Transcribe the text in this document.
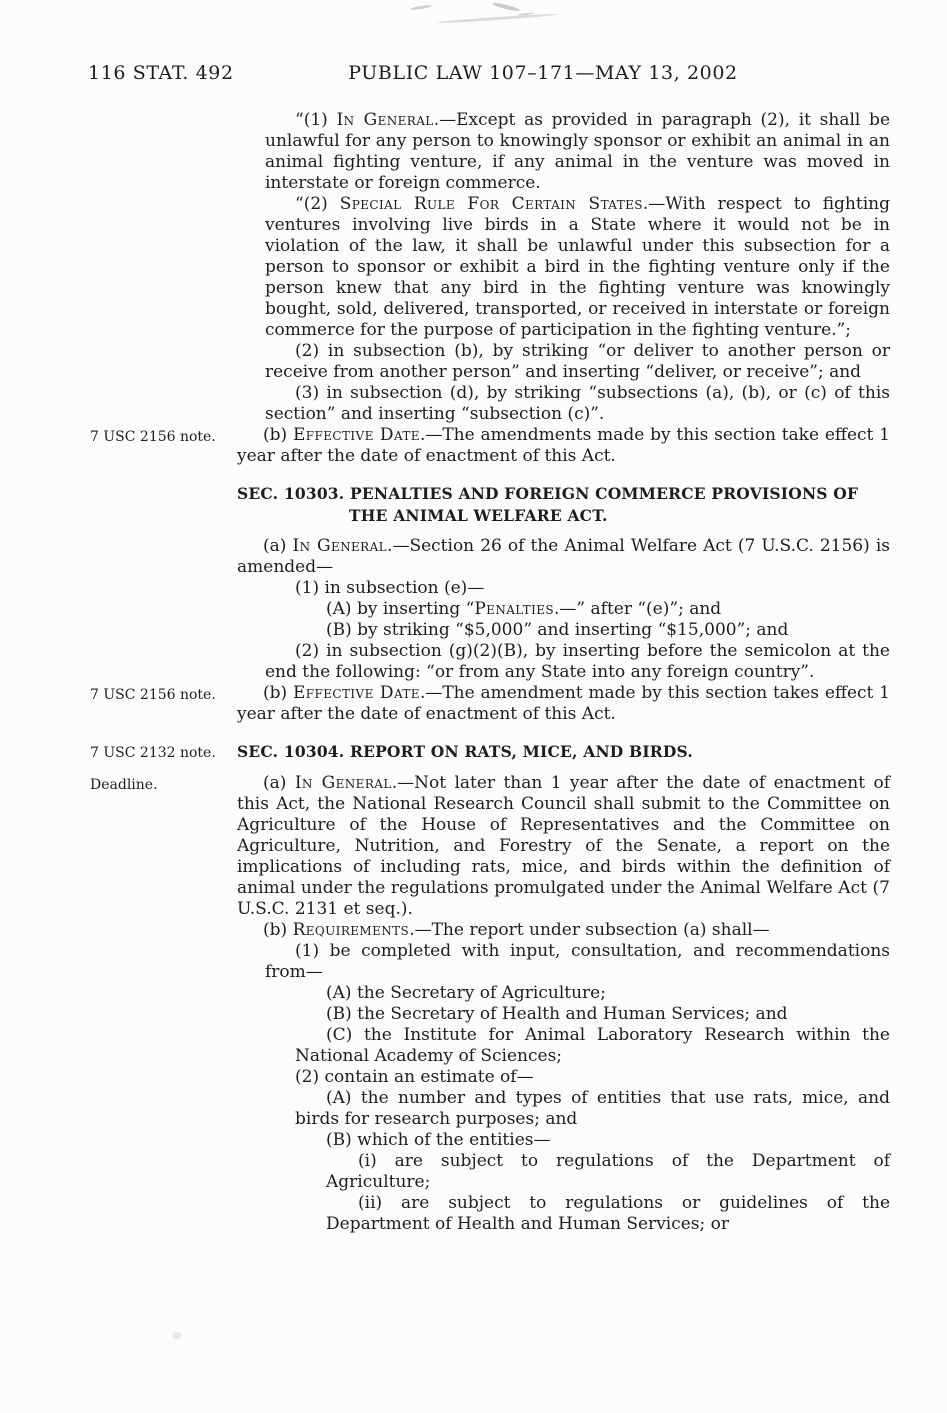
116 STAT. 492	PUBLIC LAW 107–171—MAY 13, 2002
“(1) In General.—Except as provided in paragraph (2), it shall be unlawful for any person to knowingly sponsor or exhibit an animal in an animal fighting venture, if any animal in the venture was moved in interstate or foreign commerce.
“(2) Special Rule For Certain States.—With respect to fighting ventures involving live birds in a State where it would not be in violation of the law, it shall be unlawful under this subsection for a person to sponsor or exhibit a bird in the fighting venture only if the person knew that any bird in the fighting venture was knowingly bought, sold, delivered, transported, or received in interstate or foreign commerce for the purpose of participation in the fighting venture.”;
(2) in subsection (b), by striking “or deliver to another person or receive from another person” and inserting “deliver, or receive”; and
(3) in subsection (d), by striking “subsections (a), (b), or (c) of this section” and inserting “subsection (c)”.
7 USC 2156 note.	(b) Effective Date.—The amendments made by this section take effect 1 year after the date of enactment of this Act.
SEC. 10303. PENALTIES AND FOREIGN COMMERCE PROVISIONS OF THE ANIMAL WELFARE ACT.
(a) In General.—Section 26 of the Animal Welfare Act (7 U.S.C. 2156) is amended—
(1) in subsection (e)—
(A) by inserting “Penalties.—” after “(e)”; and
(B) by striking “$5,000” and inserting “$15,000”; and
(2) in subsection (g)(2)(B), by inserting before the semicolon at the end the following: “or from any State into any foreign country”.
7 USC 2156 note.	(b) Effective Date.—The amendment made by this section takes effect 1 year after the date of enactment of this Act.
7 USC 2132 note.	SEC. 10304. REPORT ON RATS, MICE, AND BIRDS.
Deadline.	(a) In General.—Not later than 1 year after the date of enactment of this Act, the National Research Council shall submit to the Committee on Agriculture of the House of Representatives and the Committee on Agriculture, Nutrition, and Forestry of the Senate, a report on the implications of including rats, mice, and birds within the definition of animal under the regulations promulgated under the Animal Welfare Act (7 U.S.C. 2131 et seq.).
(b) Requirements.—The report under subsection (a) shall—
(1) be completed with input, consultation, and recommendations from—
(A) the Secretary of Agriculture;
(B) the Secretary of Health and Human Services; and
(C) the Institute for Animal Laboratory Research within the National Academy of Sciences;
(2) contain an estimate of—
(A) the number and types of entities that use rats, mice, and birds for research purposes; and
(B) which of the entities—
(i) are subject to regulations of the Department of Agriculture;
(ii) are subject to regulations or guidelines of the Department of Health and Human Services; or
